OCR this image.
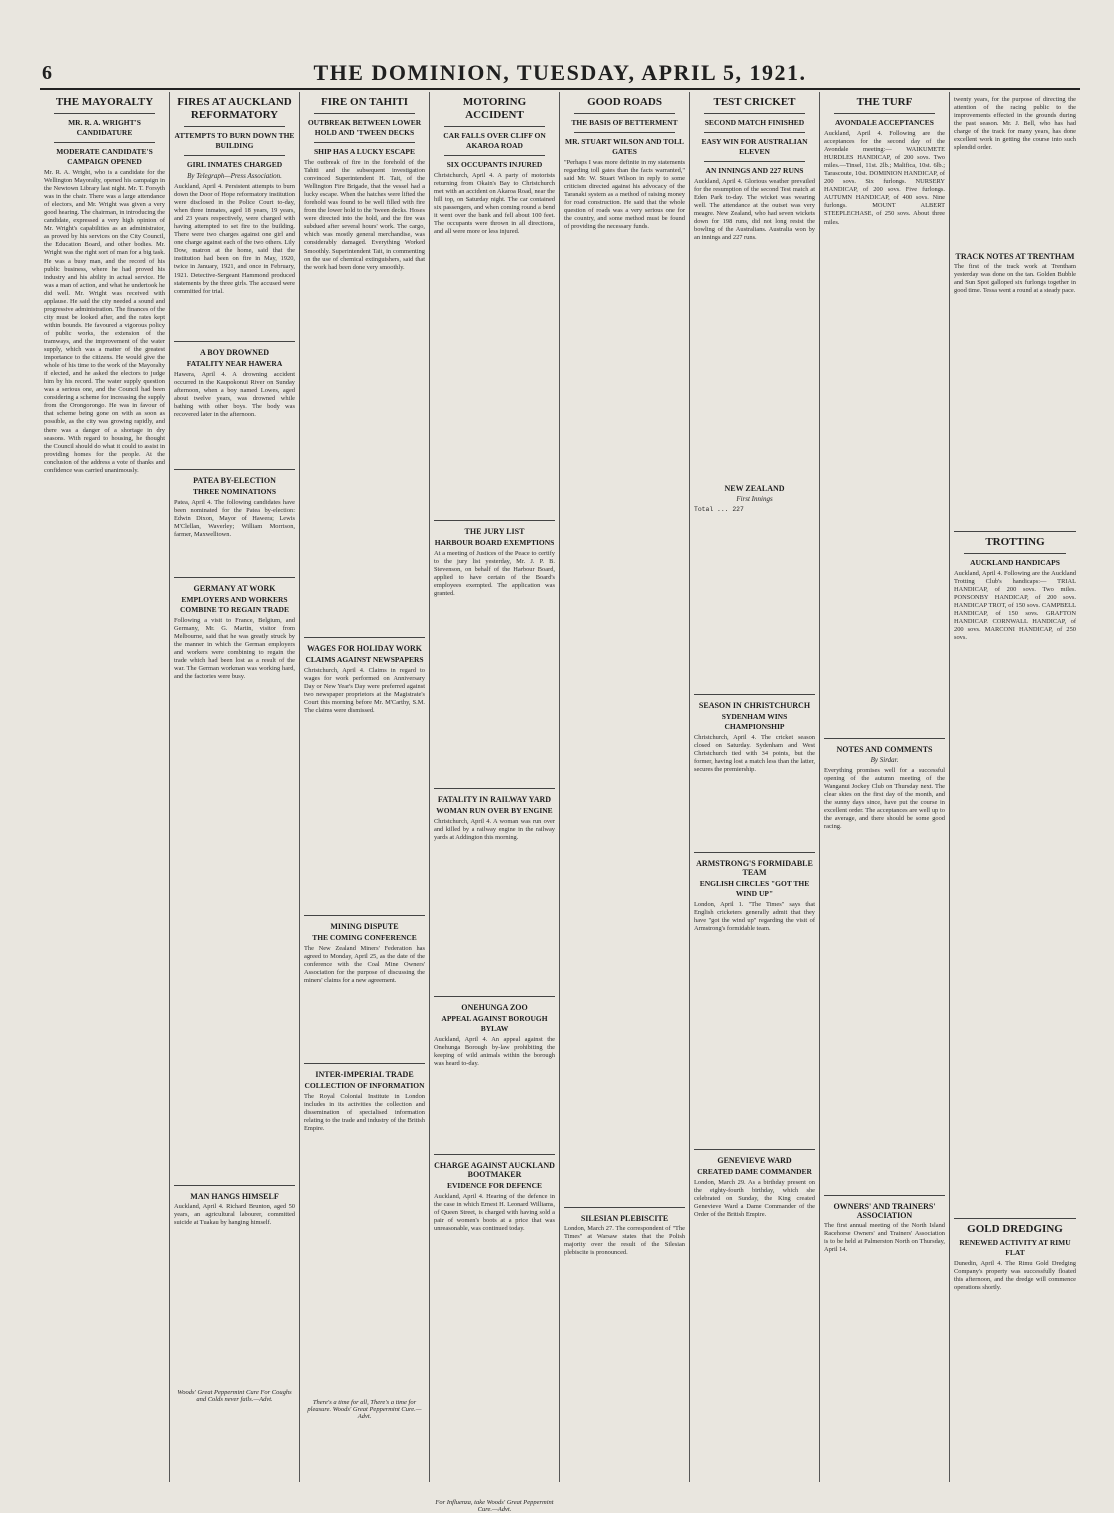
6	THE DOMINION, TUESDAY, APRIL 5, 1921.
THE MAYORALTY
MR. R. A. WRIGHT'S CANDIDATURE
MODERATE CANDIDATE'S CAMPAIGN OPENED
Mr. R. A. Wright, who is a candidate for the Wellington Mayoralty, opened his campaign in the Newtown Library last night. Mr. T. Forsyth was in the chair. There was a large attendance of electors, and Mr. Wright was given a very good hearing. The chairman, in introducing the candidate, expressed a very high opinion of Mr. Wright's capabilities as an administrator, as proved by his services on the City Council, the Education Board, and other bodies. Mr. Wright was the right sort of man for a big task. He was a busy man, and the record of his public business, where he had proved his industry and his ability in actual service. He was a man of action, and what he undertook he did well. Mr. Wright was received with applause. He said the city needed a sound and progressive administration. The finances of the city must be looked after, and the rates kept within bounds. He favoured a vigorous policy of public works, the extension of the tramways, and the improvement of the water supply, which was a matter of the greatest importance to the citizens. He would give the whole of his time to the work of the Mayoralty if elected, and he asked the electors to judge him by his record. The water supply question was a serious one, and the Council had been considering a scheme for increasing the supply from the Orongorongo. He was in favour of that scheme being gone on with as soon as possible, as the city was growing rapidly, and there was a danger of a shortage in dry seasons. With regard to housing, he thought the Council should do what it could to assist in providing homes for the people. At the conclusion of the address a vote of thanks and confidence was carried unanimously.
FIRES AT AUCKLAND REFORMATORY
ATTEMPTS TO BURN DOWN THE BUILDING
GIRL INMATES CHARGED
By Telegraph—Press Association.
Auckland, April 4. Persistent attempts to burn down the Door of Hope reformatory institution were disclosed in the Police Court to-day, when three inmates, aged 18 years, 19 years, and 23 years respectively, were charged with having attempted to set fire to the building. There were two charges against one girl and one charge against each of the two others. Lily Dow, matron at the home, said that the institution had been on fire in May, 1920, twice in January, 1921, and once in February, 1921. Detective-Sergeant Hammond produced statements by the three girls. The accused were committed for trial.
A BOY DROWNED
FATALITY NEAR HAWERA
Hawera, April 4. A drowning accident occurred in the Kaupokonui River on Sunday afternoon, when a boy named Lowes, aged about twelve years, was drowned while bathing with other boys. The body was recovered later in the afternoon.
PATEA BY-ELECTION
THREE NOMINATIONS
Patea, April 4. The following candidates have been nominated for the Patea by-election: Edwin Dixon, Mayor of Hawera; Lewis M'Clellan, Waverley; William Morrison, farmer, Maxwelltown.
GERMANY AT WORK
EMPLOYERS AND WORKERS COMBINE TO REGAIN TRADE
Following a visit to France, Belgium, and Germany, Mr. G. Martin, visitor from Melbourne, said that he was greatly struck by the manner in which the German employers and workers were combining to regain the trade which had been lost as a result of the war. The German workman was working hard, and the factories were busy.
MAN HANGS HIMSELF
Auckland, April 4. Richard Brunton, aged 50 years, an agricultural labourer, committed suicide at Tuakau by hanging himself.
Woods' Great Peppermint Cure For Coughs and Colds never fails.—Advt.
FIRE ON TAHITI
OUTBREAK BETWEEN LOWER HOLD AND 'TWEEN DECKS
SHIP HAS A LUCKY ESCAPE
The outbreak of fire in the forehold of the Tahiti and the subsequent investigation convinced Superintendent H. Tait, of the Wellington Fire Brigade, that the vessel had a lucky escape. When the hatches were lifted the forehold was found to be well filled with fire from the lower hold to the 'tween decks. Hoses were directed into the hold, and the fire was subdued after several hours' work. The cargo, which was mostly general merchandise, was considerably damaged. Everything Worked Smoothly. Superintendent Tait, in commenting on the use of chemical extinguishers, said that the work had been done very smoothly.
WAGES FOR HOLIDAY WORK
CLAIMS AGAINST NEWSPAPERS
Christchurch, April 4. Claims in regard to wages for work performed on Anniversary Day or New Year's Day were preferred against two newspaper proprietors at the Magistrate's Court this morning before Mr. M'Carthy, S.M. The claims were dismissed.
MINING DISPUTE
THE COMING CONFERENCE
The New Zealand Miners' Federation has agreed to Monday, April 25, as the date of the conference with the Coal Mine Owners' Association for the purpose of discussing the miners' claims for a new agreement.
INTER-IMPERIAL TRADE
COLLECTION OF INFORMATION
The Royal Colonial Institute in London includes in its activities the collection and dissemination of specialised information relating to the trade and industry of the British Empire.
There's a time for all, There's a time for pleasure. Woods' Great Peppermint Cure.—Advt.
MOTORING ACCIDENT
CAR FALLS OVER CLIFF ON AKAROA ROAD
SIX OCCUPANTS INJURED
Christchurch, April 4. A party of motorists returning from Okain's Bay to Christchurch met with an accident on Akaroa Road, near the hill top, on Saturday night. The car contained six passengers, and when coming round a bend it went over the bank and fell about 100 feet. The occupants were thrown in all directions, and all were more or less injured.
THE JURY LIST
HARBOUR BOARD EXEMPTIONS
At a meeting of Justices of the Peace to certify to the jury list yesterday, Mr. J. P. B. Stevenson, on behalf of the Harbour Board, applied to have certain of the Board's employees exempted. The application was granted.
FATALITY IN RAILWAY YARD
WOMAN RUN OVER BY ENGINE
Christchurch, April 4. A woman was run over and killed by a railway engine in the railway yards at Addington this morning.
ONEHUNGA ZOO
APPEAL AGAINST BOROUGH BYLAW
Auckland, April 4. An appeal against the Onehunga Borough by-law prohibiting the keeping of wild animals within the borough was heard to-day.
CHARGE AGAINST AUCKLAND BOOTMAKER
EVIDENCE FOR DEFENCE
Auckland, April 4. Hearing of the defence in the case in which Ernest H. Leonard Williams, of Queen Street, is charged with having sold a pair of women's boots at a price that was unreasonable, was continued today.
For Influenza, take Woods' Great Peppermint Cure.—Advt.
GOOD ROADS
THE BASIS OF BETTERMENT
MR. STUART WILSON AND TOLL GATES
"Perhaps I was more definite in my statements regarding toll gates than the facts warranted," said Mr. W. Stuart Wilson in reply to some criticism directed against his advocacy of the Taranaki system as a method of raising money for road construction. He said that the whole question of roads was a very serious one for the country, and some method must be found of providing the necessary funds.
SILESIAN PLEBISCITE
London, March 27. The correspondent of "The Times" at Warsaw states that the Polish majority over the result of the Silesian plebiscite is pronounced.
TEST CRICKET
SECOND MATCH FINISHED
EASY WIN FOR AUSTRALIAN ELEVEN
AN INNINGS AND 227 RUNS
Auckland, April 4. Glorious weather prevailed for the resumption of the second Test match at Eden Park to-day. The wicket was wearing well. The attendance at the outset was very meagre. New Zealand, who had seven wickets down for 198 runs, did not long resist the bowling of the Australians. Australia won by an innings and 227 runs.
NEW ZEALAND
First Innings
Total ... 227
SEASON IN CHRISTCHURCH
SYDENHAM WINS CHAMPIONSHIP
Christchurch, April 4. The cricket season closed on Saturday. Sydenham and West Christchurch tied with 34 points, but the former, having lost a match less than the latter, secures the premiership.
ARMSTRONG'S FORMIDABLE TEAM
ENGLISH CIRCLES "GOT THE WIND UP"
London, April 1. "The Times" says that English cricketers generally admit that they have "got the wind up" regarding the visit of Armstrong's formidable team.
GENEVIEVE WARD
CREATED DAME COMMANDER
London, March 29. As a birthday present on the eighty-fourth birthday, which she celebrated on Sunday, the King created Genevieve Ward a Dame Commander of the Order of the British Empire.
THE TURF
AVONDALE ACCEPTANCES
Auckland, April 4. Following are the acceptances for the second day of the Avondale meeting:— WAIKUMETE HURDLES HANDICAP, of 200 sovs. Two miles.—Tinsel, 11st. 2lb.; Malifica, 10st. 6lb.; Tarascoute, 10st. DOMINION HANDICAP, of 200 sovs. Six furlongs. NURSERY HANDICAP, of 200 sovs. Five furlongs. AUTUMN HANDICAP, of 400 sovs. Nine furlongs. MOUNT ALBERT STEEPLECHASE, of 250 sovs. About three miles.
NOTES AND COMMENTS
By Sirdar.
Everything promises well for a successful opening of the autumn meeting of the Wanganui Jockey Club on Thursday next. The clear skies on the first day of the month, and the sunny days since, have put the course in excellent order. The acceptances are well up to the average, and there should be some good racing.
OWNERS' AND TRAINERS' ASSOCIATION
The first annual meeting of the North Island Racehorse Owners' and Trainers' Association is to be held at Palmerston North on Thursday, April 14.
twenty years, for the purpose of directing the attention of the racing public to the improvements effected in the grounds during the past season. Mr. J. Bell, who has had charge of the track for many years, has done excellent work in getting the course into such splendid order.
TRACK NOTES AT TRENTHAM
The first of the track work at Trentham yesterday was done on the tan. Golden Bubble and Sun Spot galloped six furlongs together in good time. Tessa went a round at a steady pace.
TROTTING
AUCKLAND HANDICAPS
Auckland, April 4. Following are the Auckland Trotting Club's handicaps:— TRIAL HANDICAP, of 200 sovs. Two miles. PONSONBY HANDICAP, of 200 sovs. HANDICAP TROT, of 150 sovs. CAMPBELL HANDICAP, of 150 sovs. GRAFTON HANDICAP. CORNWALL HANDICAP, of 200 sovs. MARCONI HANDICAP, of 250 sovs.
GOLD DREDGING
RENEWED ACTIVITY AT RIMU FLAT
Dunedin, April 4. The Rimu Gold Dredging Company's property was successfully floated this afternoon, and the dredge will commence operations shortly.
